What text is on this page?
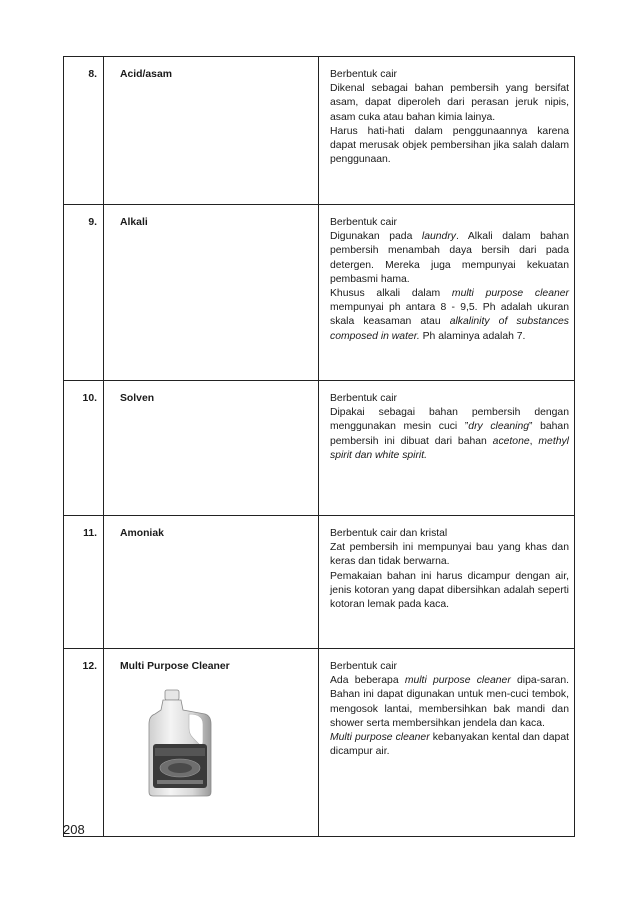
8.	Acid/asam	Berbentuk cair

Dikenal sebagai bahan pembersih yang bersifat asam, dapat diperoleh dari perasan jeruk nipis, asam cuka atau bahan kimia lainya.

Harus hati-hati dalam penggunaannya karena dapat merusak objek pembersihan jika salah dalam penggunaan.

9.	Alkali	Berbentuk cair

Digunakan pada laundry. Alkali dalam bahan pembersih menambah daya bersih dari pada detergen. Mereka juga mempunyai kekuatan pembasmi hama.

Khusus alkali dalam multi purpose cleaner mempunyai ph antara 8 - 9,5. Ph adalah ukuran skala keasaman atau alkalinity of substances composed in water. Ph alaminya adalah 7.

10.	Solven	Berbentuk cair

Dipakai sebagai bahan pembersih dengan menggunakan mesin cuci ”dry cleaning” bahan pembersih ini dibuat dari bahan acetone, methyl spirit dan white spirit.

11.	Amoniak	Berbentuk cair dan kristal

Zat pembersih ini mempunyai bau yang khas dan keras dan tidak berwarna.

Pemakaian bahan ini harus dicampur dengan air, jenis kotoran yang dapat dibersihkan adalah seperti kotoran lemak pada kaca.

12.	Multi Purpose Cleaner	Berbentuk cair

Ada beberapa multi purpose cleaner dipa-saran. Bahan ini dapat digunakan untuk men-cuci tembok, mengosok lantai, membersihkan bak mandi dan shower serta membersihkan jendela dan kaca.

Multi purpose cleaner kebanyakan kental dan dapat dicampur air.

208
